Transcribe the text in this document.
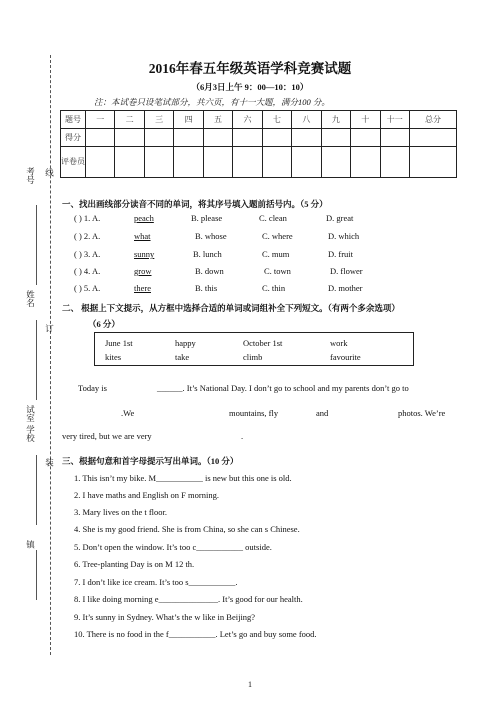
考号 线
姓名
订
试室
学校
装
镇
2016年春五年级英语学科竞赛试题
（6月3日上午 9：00—10：10）
注：本试卷只设笔试部分，共六页，有十一大题，满分100 分。
题号	一	二	三	四	五	六	七	八	九	十	十一	总分
得分												
评卷员												
一、找出画线部分读音不同的单词，将其序号填入题前括号内。（5 分）
( ) 1. A.	peach	B. please	C. clean	D. great
( ) 2. A.	what	B. whose	C. where	D. which
( ) 3. A.	sunny	B. lunch	C. mum	D. fruit
( ) 4. A.	grow	B. down	C. town	D. flower
( ) 5. A.	there	B. this	C. thin	D. mother
二、 根据上下文提示，从方框中选择合适的单词或词组补全下列短文。（有两个多余选项）
（6 分）
June 1st	happy	October 1st	work
kites	take	climb	favourite
Today is	______. It’s National Day. I don’t go to school and my parents don’t go to
.We	mountains, fly	and	photos. We’re
very tired, but we are very	.
三、根据句意和首字母提示写出单词。（10 分）
1. This isn’t my bike. M___________ is new but this one is old.
2. I have maths and English on F morning.
3. Mary lives on the t floor.
4. She is my good friend. She is from China, so she can s Chinese.
5. Don’t open the window. It’s too c___________ outside.
6. Tree-planting Day is on M 12 th.
7. I don’t like ice cream. It’s too s___________.
8. I like doing morning e______________. It’s good for our health.
9. It’s sunny in Sydney. What’s the w like in Beijing?
10. There is no food in the f___________. Let’s go and buy some food.
1
